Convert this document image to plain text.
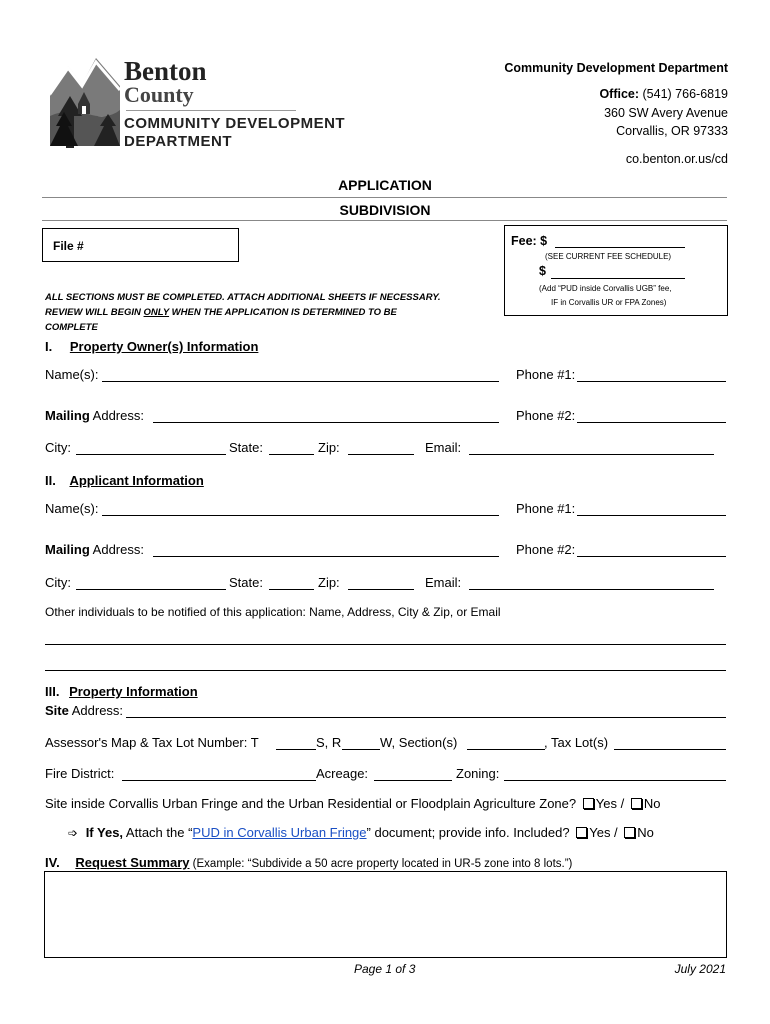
Benton
County
COMMUNITY DEVELOPMENT
DEPARTMENT
Community Development Department
Office: (541) 766-6819
360 SW Avery Avenue
Corvallis, OR 97333
co.benton.or.us/cd
APPLICATION
SUBDIVISION
File #	Fee: $
(SEE CURRENT FEE SCHEDULE)
$
(Add “PUD inside Corvallis UGB” fee,
IF in Corvallis UR or FPA Zones)
ALL SECTIONS MUST BE COMPLETED. ATTACH ADDITIONAL SHEETS IF NECESSARY.
REVIEW WILL BEGIN ONLY WHEN THE APPLICATION IS DETERMINED TO BE
COMPLETE
I. Property Owner(s) Information
Name(s):	Phone #1:
Mailing Address:	Phone #2:
City:	State:	Zip:	Email:
II. Applicant Information
Name(s):	Phone #1:
Mailing Address:	Phone #2:
City:	State:	Zip:	Email:
Other individuals to be notified of this application: Name, Address, City & Zip, or Email
III. Property Information
Site Address:
Assessor's Map & Tax Lot Number: T	S, R	W, Section(s)	, Tax Lot(s)
Fire District:	Acreage:	Zoning:
Site inside Corvallis Urban Fringe and the Urban Residential or Floodplain Agriculture Zone? Yes / No
➩ If Yes, Attach the “PUD in Corvallis Urban Fringe” document; provide info. Included? Yes / No
IV. Request Summary (Example: “Subdivide a 50 acre property located in UR-5 zone into 8 lots.”)
Page 1 of 3	July 2021
